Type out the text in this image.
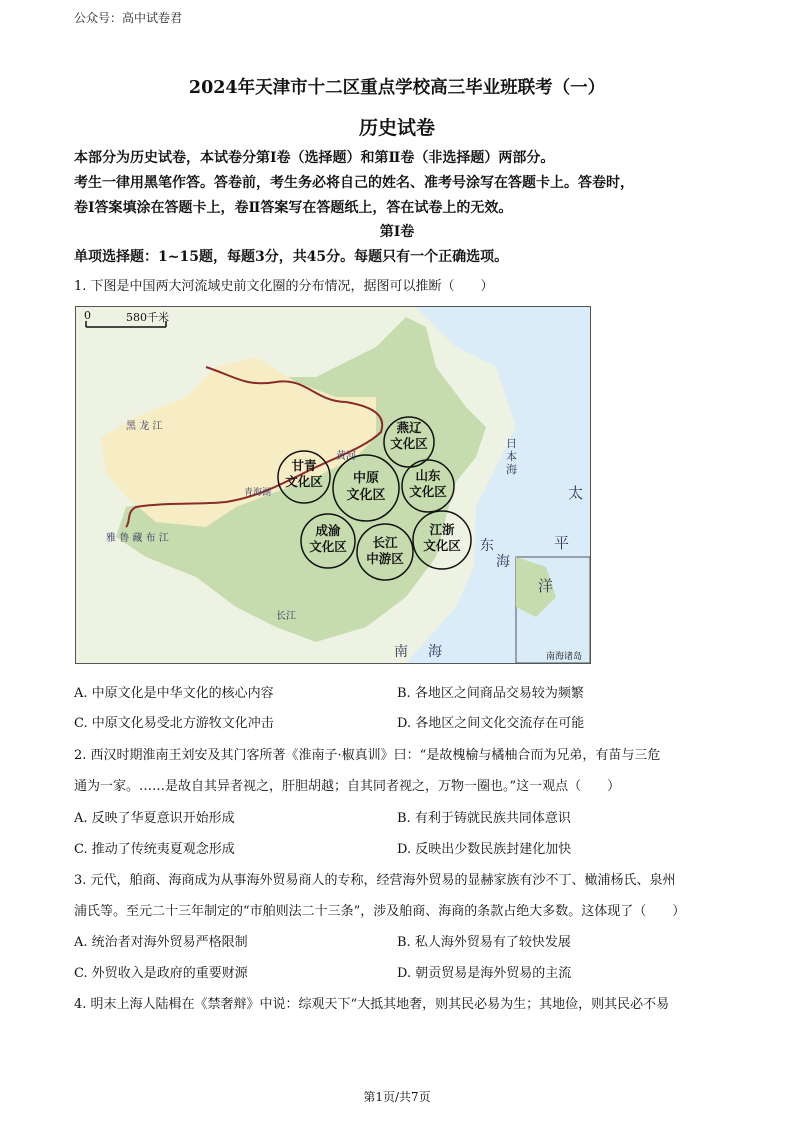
公众号：高中试卷君
2024年天津市十二区重点学校高三毕业班联考（一）
历史试卷
本部分为历史试卷，本试卷分第Ⅰ卷（选择题）和第Ⅱ卷（非选择题）两部分。
考生一律用黑笔作答。答卷前，考生务必将自己的姓名、准考号涂写在答题卡上。答卷时，
卷Ⅰ答案填涂在答题卡上，卷Ⅱ答案写在答题纸上，答在试卷上的无效。
第Ⅰ卷
单项选择题：1~15题，每题3分，共45分。每题只有一个正确选项。
1. 下图是中国两大河流域史前文化圈的分布情况，据图可以推断（　　）
0	580千米
燕辽
文化区
甘青
文化区	中原
文化区
山东
文化区
成渝
文化区	长江
中游区
江浙
文化区
日本海
太
平
洋
东
海
南 海
雅 鲁 藏 布 江
黑 龙 江
长江
黄河
青海湖
南海诸岛
A. 中原文化是中华文化的核心内容	B. 各地区之间商品交易较为频繁
C. 中原文化易受北方游牧文化冲击	D. 各地区之间文化交流存在可能
2. 西汉时期淮南王刘安及其门客所著《淮南子·椒真训》曰：“是故槐榆与橘柚合而为兄弟，有苗与三危
通为一家。……是故自其异者视之，肝胆胡越；自其同者视之，万物一圈也。”这一观点（　　）
A. 反映了华夏意识开始形成	B. 有利于铸就民族共同体意识
C. 推动了传统夷夏观念形成	D. 反映出少数民族封建化加快
3. 元代，舶商、海商成为从事海外贸易商人的专称，经营海外贸易的显赫家族有沙不丁、橄浦杨氏、泉州
浦氏等。至元二十三年制定的“市舶则法二十三条”，涉及舶商、海商的条款占绝大多数。这体现了（　　）
A. 统治者对海外贸易严格限制	B. 私人海外贸易有了较快发展
C. 外贸收入是政府的重要财源	D. 朝贡贸易是海外贸易的主流
4. 明末上海人陆楫在《禁奢辩》中说：综观天下“大抵其地奢，则其民必易为生；其地俭，则其民必不易
第1页/共7页
